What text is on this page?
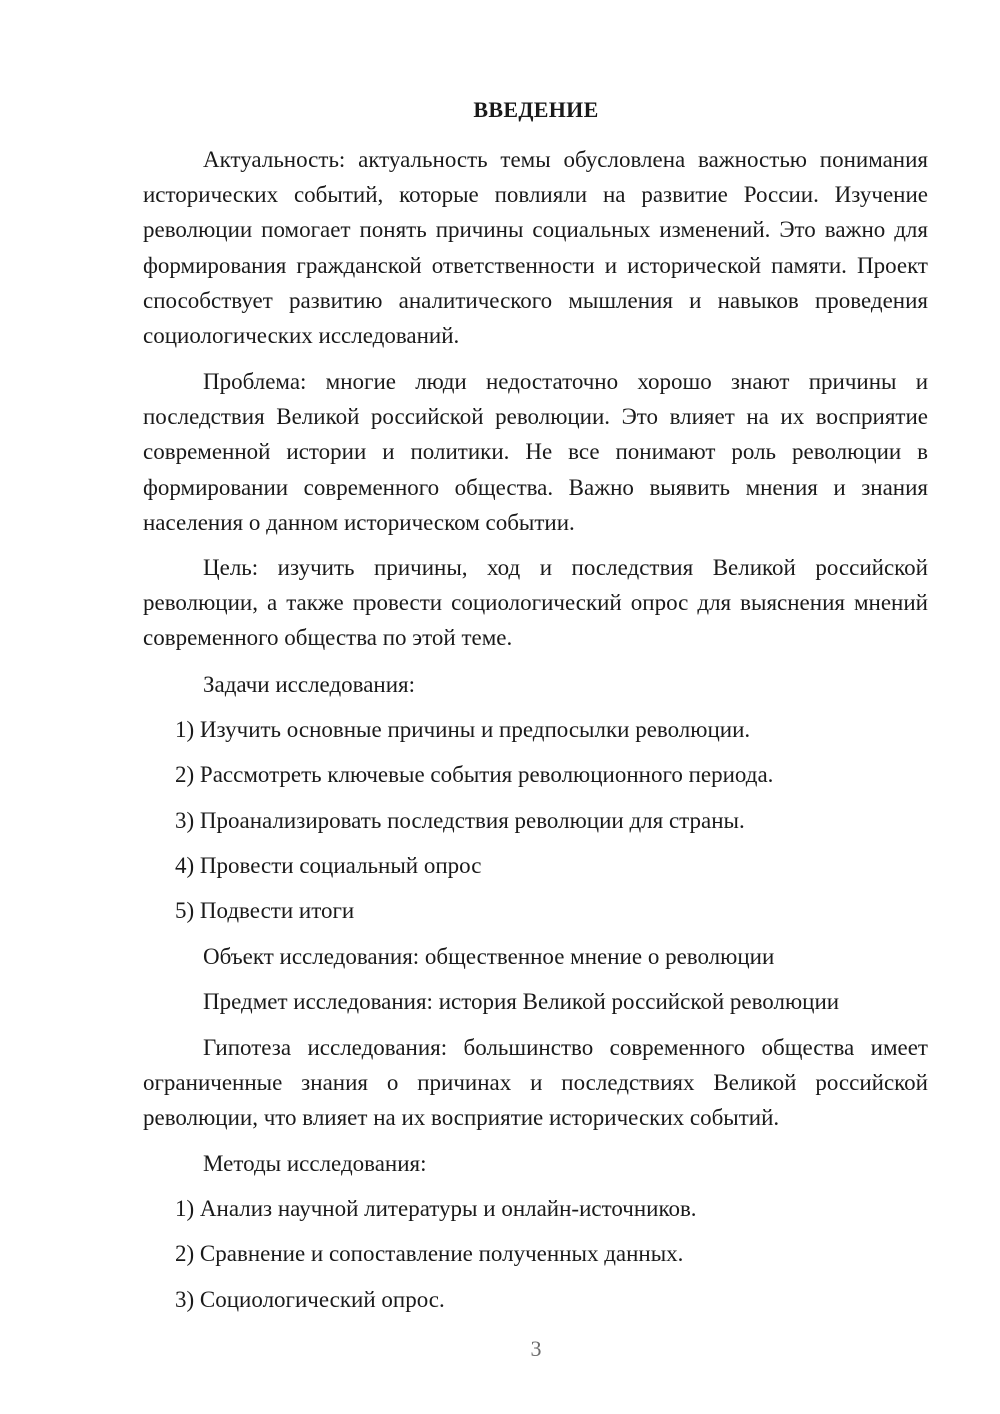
ВВЕДЕНИЕ

Актуальность: актуальность темы обусловлена важностью понимания исторических событий, которые повлияли на развитие России. Изучение революции помогает понять причины социальных изменений. Это важно для формирования гражданской ответственности и исторической памяти. Проект способствует развитию аналитического мышления и навыков проведения социологических исследований.

Проблема: многие люди недостаточно хорошо знают причины и последствия Великой российской революции. Это влияет на их восприятие современной истории и политики. Не все понимают роль революции в формировании современного общества. Важно выявить мнения и знания населения о данном историческом событии.

Цель: изучить причины, ход и последствия Великой российской революции, а также провести социологический опрос для выяснения мнений современного общества по этой теме.

Задачи исследования:

1) Изучить основные причины и предпосылки революции.

2) Рассмотреть ключевые события революционного периода.

3) Проанализировать последствия революции для страны.

4) Провести социальный опрос

5) Подвести итоги

Объект исследования: общественное мнение о революции

Предмет исследования: история Великой российской революции

Гипотеза исследования: большинство современного общества имеет ограниченные знания о причинах и последствиях Великой российской революции, что влияет на их восприятие исторических событий.

Методы исследования:

1) Анализ научной литературы и онлайн-источников.

2) Сравнение и сопоставление полученных данных.

3) Социологический опрос.

3
